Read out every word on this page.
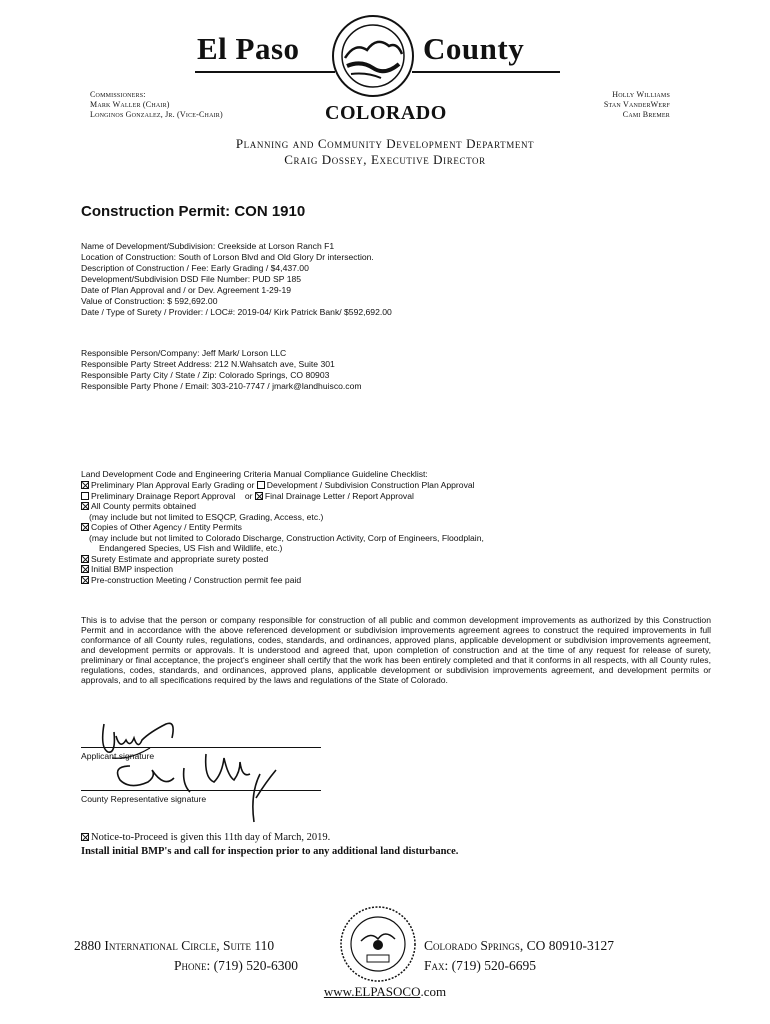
El Paso	County
Commissioners:
Mark Waller (Chair)
Longinos Gonzalez, Jr. (Vice-Chair)
Holly Williams
Stan VanderWerf
Cami Bremer
COLORADO
Planning and Community Development Department
Craig Dossey, Executive Director
Construction Permit: CON 1910
Name of Development/Subdivision: Creekside at Lorson Ranch F1
Location of Construction: South of Lorson Blvd and Old Glory Dr intersection.
Description of Construction / Fee: Early Grading / $4,437.00
Development/Subdivision DSD File Number: PUD SP 185
Date of Plan Approval and / or Dev. Agreement 1-29-19
Value of Construction: $ 592,692.00
Date / Type of Surety / Provider: / LOC#: 2019-04/ Kirk Patrick Bank/ $592,692.00
Responsible Person/Company: Jeff Mark/ Lorson LLC
Responsible Party Street Address: 212 N.Wahsatch ave, Suite 301
Responsible Party City / State / Zip: Colorado Springs, CO 80903
Responsible Party Phone / Email: 303-210-7747 / jmark@landhuisco.com
Land Development Code and Engineering Criteria Manual Compliance Guideline Checklist:
Preliminary Plan Approval Early Grading or Development / Subdivision Construction Plan Approval
Preliminary Drainage Report Approval or Final Drainage Letter / Report Approval
All County permits obtained
(may include but not limited to ESQCP, Grading, Access, etc.)
Copies of Other Agency / Entity Permits
(may include but not limited to Colorado Discharge, Construction Activity, Corp of Engineers, Floodplain,
Endangered Species, US Fish and Wildlife, etc.)
Surety Estimate and appropriate surety posted
Initial BMP inspection
Pre-construction Meeting / Construction permit fee paid
This is to advise that the person or company responsible for construction of all public and common development improvements as authorized by this Construction Permit and in accordance with the above referenced development or subdivision improvements agreement agrees to construct the required improvements in full conformance of all County rules, regulations, codes, standards, and ordinances, approved plans, applicable development or subdivision improvements agreement, and development permits or approvals. It is understood and agreed that, upon completion of construction and at the time of any request for release of surety, preliminary or final acceptance, the project's engineer shall certify that the work has been entirely completed and that it conforms in all respects, with all County rules, regulations, codes, standards, and ordinances, approved plans, applicable development or subdivision improvements agreement, and development permits or approvals, and to all specifications required by the laws and regulations of the State of Colorado.
Applicant signature
County Representative signature
Notice-to-Proceed is given this 11th day of March, 2019.
Install initial BMP's and call for inspection prior to any additional land disturbance.
2880 International Circle, Suite 110
Phone: (719) 520-6300
Colorado Springs, CO 80910-3127
Fax: (719) 520-6695
www.ELPASOCO.com
